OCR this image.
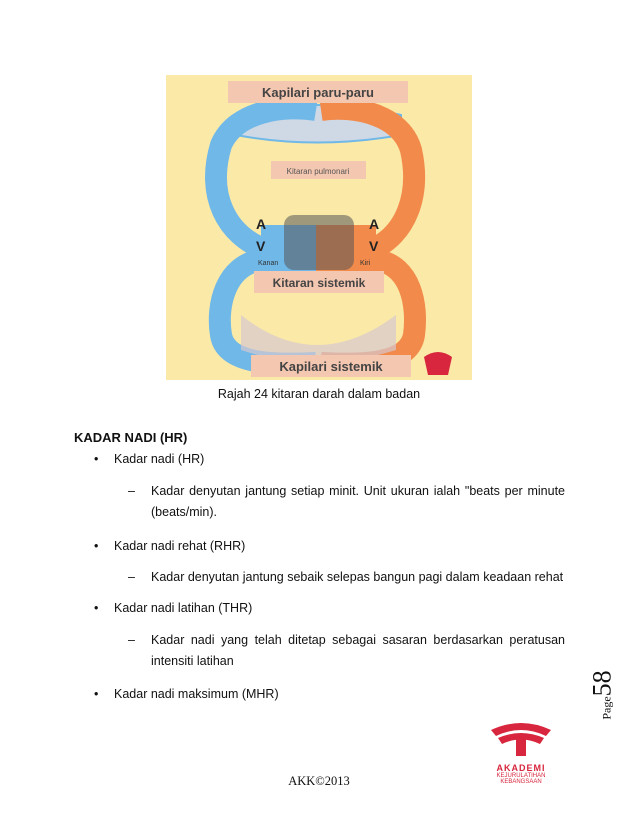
Kapilari paru-paru
Kitaran pulmonari
A
V
A
V
Kanan	Kiri
Kitaran sistemik
Kapilari sistemik
Rajah 24 kitaran darah dalam badan
KADAR NADI (HR)
• Kadar nadi (HR)
– Kadar denyutan jantung setiap minit. Unit ukuran ialah "beats per minute (beats/min).
• Kadar nadi rehat (RHR)
– Kadar denyutan jantung sebaik selepas bangun pagi dalam keadaan rehat
• Kadar nadi latihan (THR)
– Kadar nadi yang telah ditetap sebagai sasaran berdasarkan peratusan intensiti latihan
• Kadar nadi maksimum (MHR)
Page58
AKADEMI
KEJURULATIHAN
KEBANGSAAN
AKK©2013
